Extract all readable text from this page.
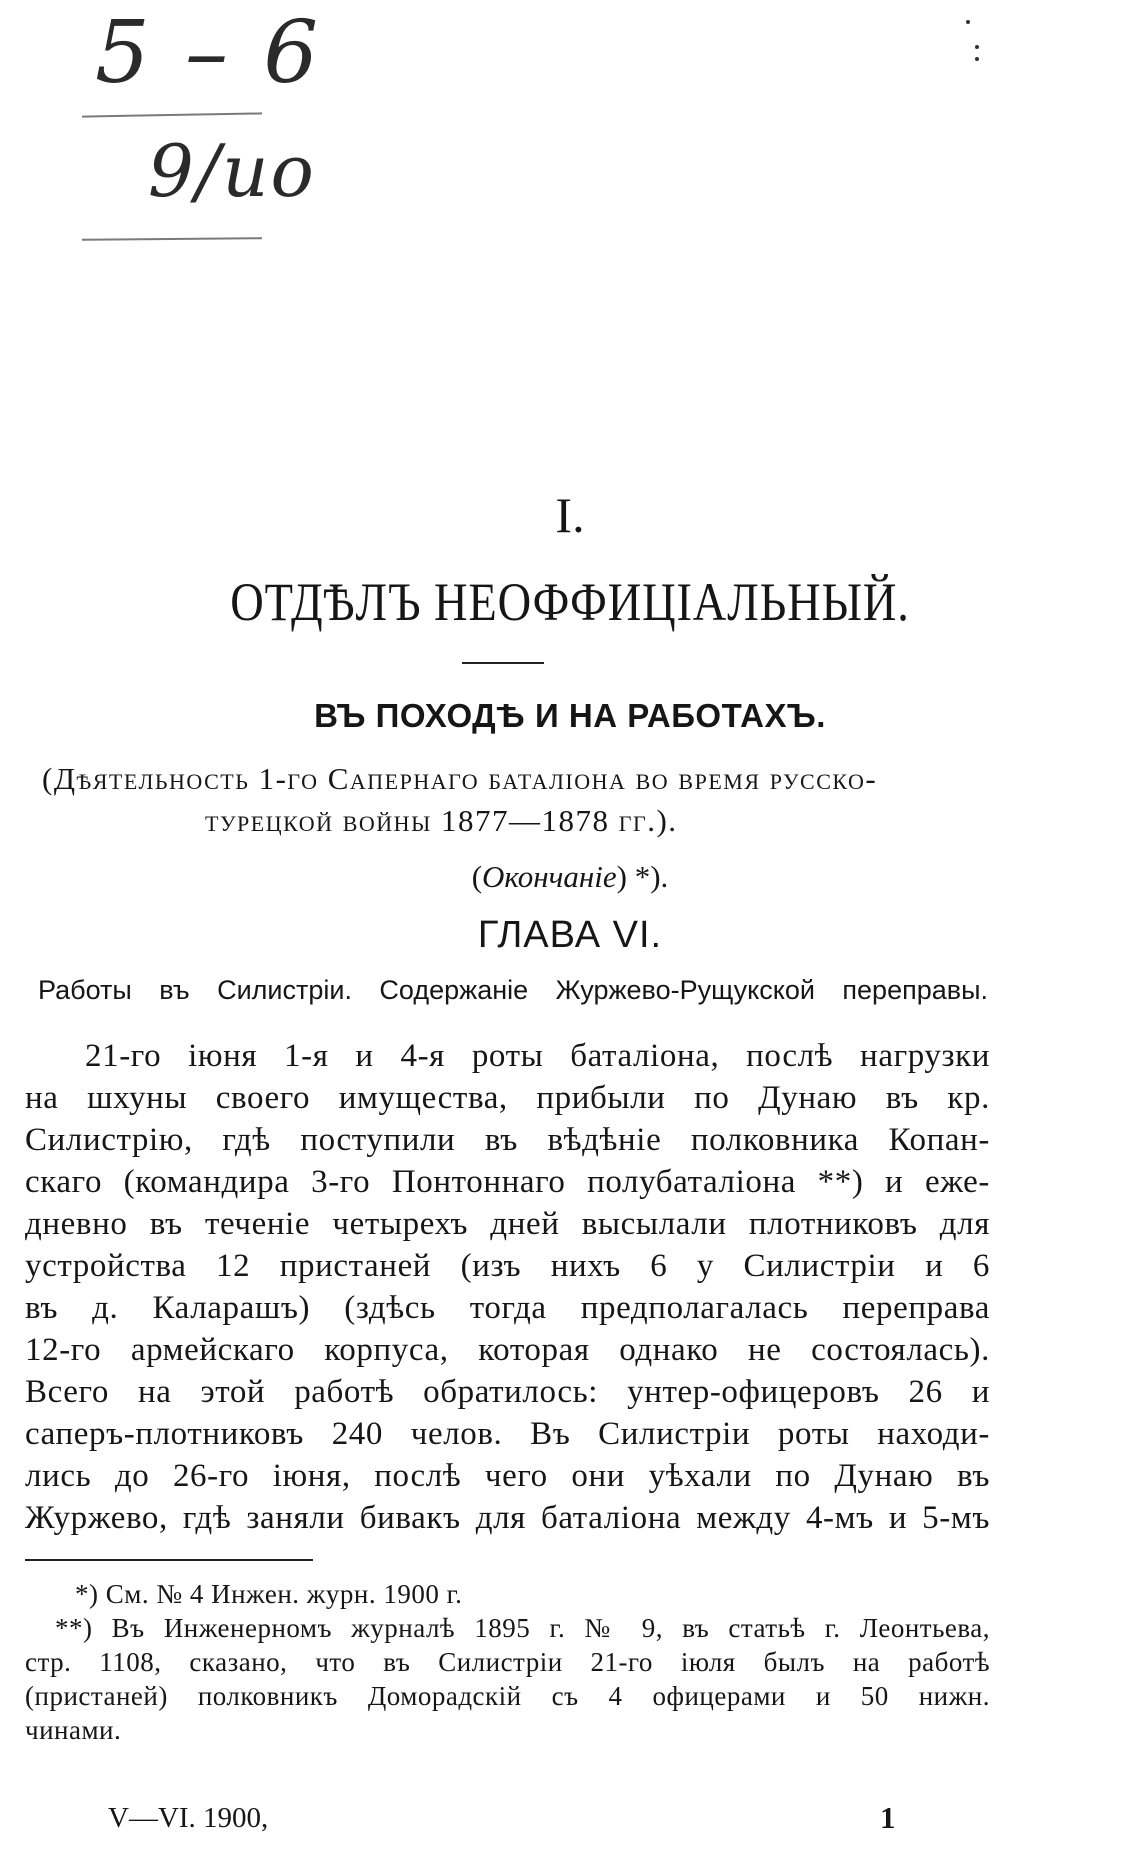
5 – 6
9/ио
I.
ОТДѢЛЪ НЕОФФИЦІАЛЬНЫЙ.
ВЪ ПОХОДѢ И НА РАБОТАХЪ.
(Дѣятельность 1-го Сапернаго баталіона во время русско-
турецкой войны 1877—1878 гг.).
(Окончаніе) *).
ГЛАВА VI.
Работы въ Силистріи. Содержаніе Журжево-Рущукской переправы.
21-го іюня 1-я и 4-я роты баталіона, послѣ нагрузки
на шхуны своего имущества, прибыли по Дунаю въ кр.
Силистрію, гдѣ поступили въ вѣдѣніе полковника Копан-
скаго (командира 3-го Понтоннаго полубаталіона **) и еже-
дневно въ теченіе четырехъ дней высылали плотниковъ для
устройства 12 пристаней (изъ нихъ 6 у Силистріи и 6
въ д. Каларашъ) (здѣсь тогда предполагалась переправа
12-го армейскаго корпуса, которая однако не состоялась).
Всего на этой работѣ обратилось: унтер-офицеровъ 26 и
саперъ-плотниковъ 240 челов. Въ Силистріи роты находи-
лись до 26-го іюня, послѣ чего они уѣхали по Дунаю въ
Журжево, гдѣ заняли бивакъ для баталіона между 4-мъ и 5-мъ
*) См. № 4 Инжен. журн. 1900 г.
**) Въ Инженерномъ журналѣ 1895 г. № 9, въ статьѣ г. Леонтьева,
стр. 1108, сказано, что въ Силистріи 21-го іюля былъ на работѣ
(пристаней) полковникъ Доморадскій съ 4 офицерами и 50 нижн.
чинами.
V—VI. 1900,	1
